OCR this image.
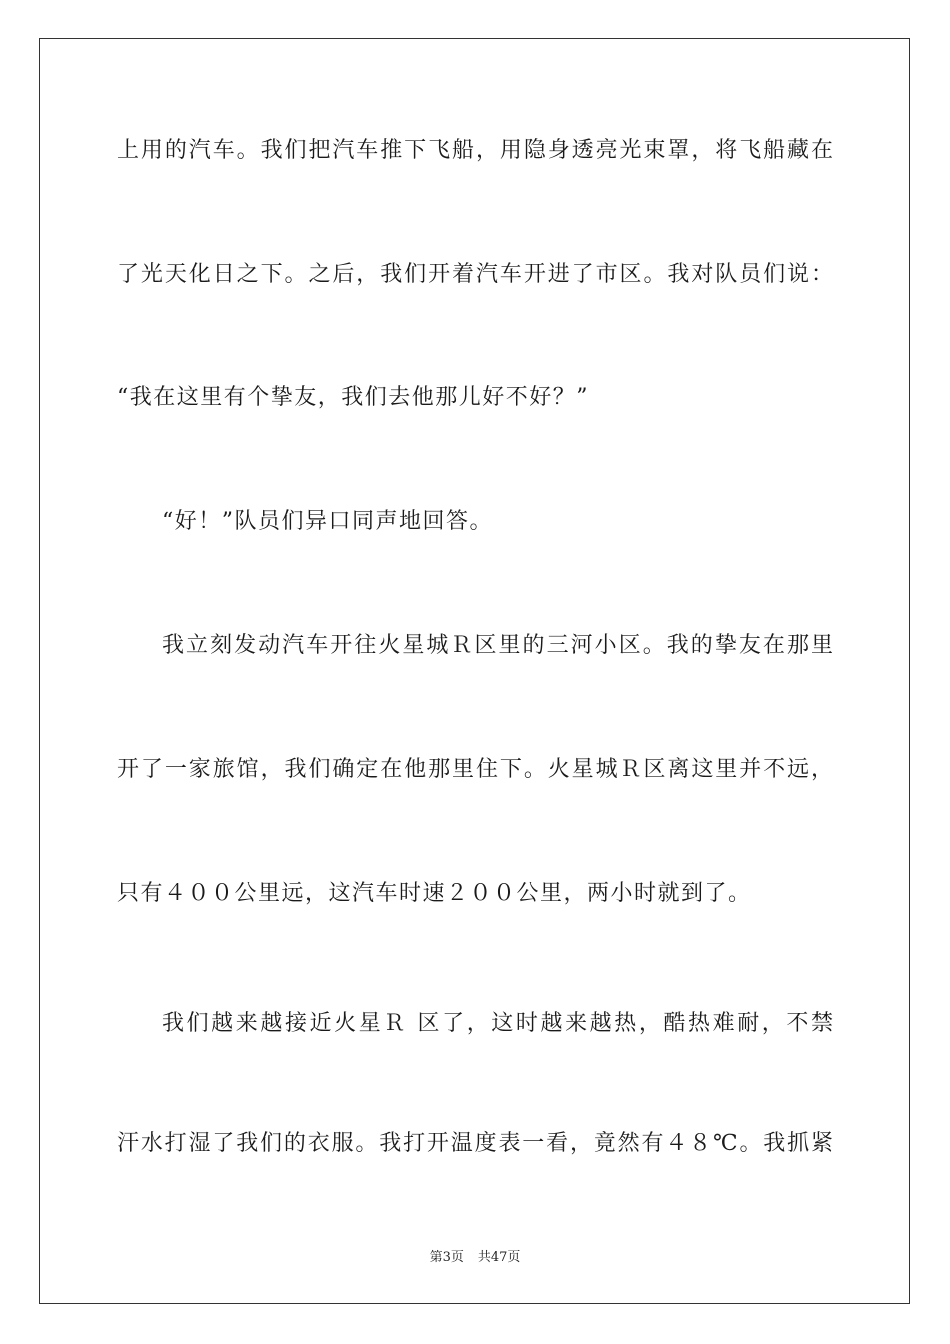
上用的汽车。我们把汽车推下飞船，用隐身透亮光束罩，将飞船藏在
了光天化日之下。之后，我们开着汽车开进了市区。我对队员们说：
“我在这里有个挚友，我们去他那儿好不好？”
“好！”队员们异口同声地回答。
我立刻发动汽车开往火星城Ｒ区里的三河小区。我的挚友在那里
开了一家旅馆，我们确定在他那里住下。火星城Ｒ区离这里并不远，
只有４００公里远，这汽车时速２００公里，两小时就到了。
我们越来越接近火星Ｒ 区了，这时越来越热，酷热难耐，不禁
汗水打湿了我们的衣服。我打开温度表一看，竟然有４８℃。我抓紧
第3页 共47页
